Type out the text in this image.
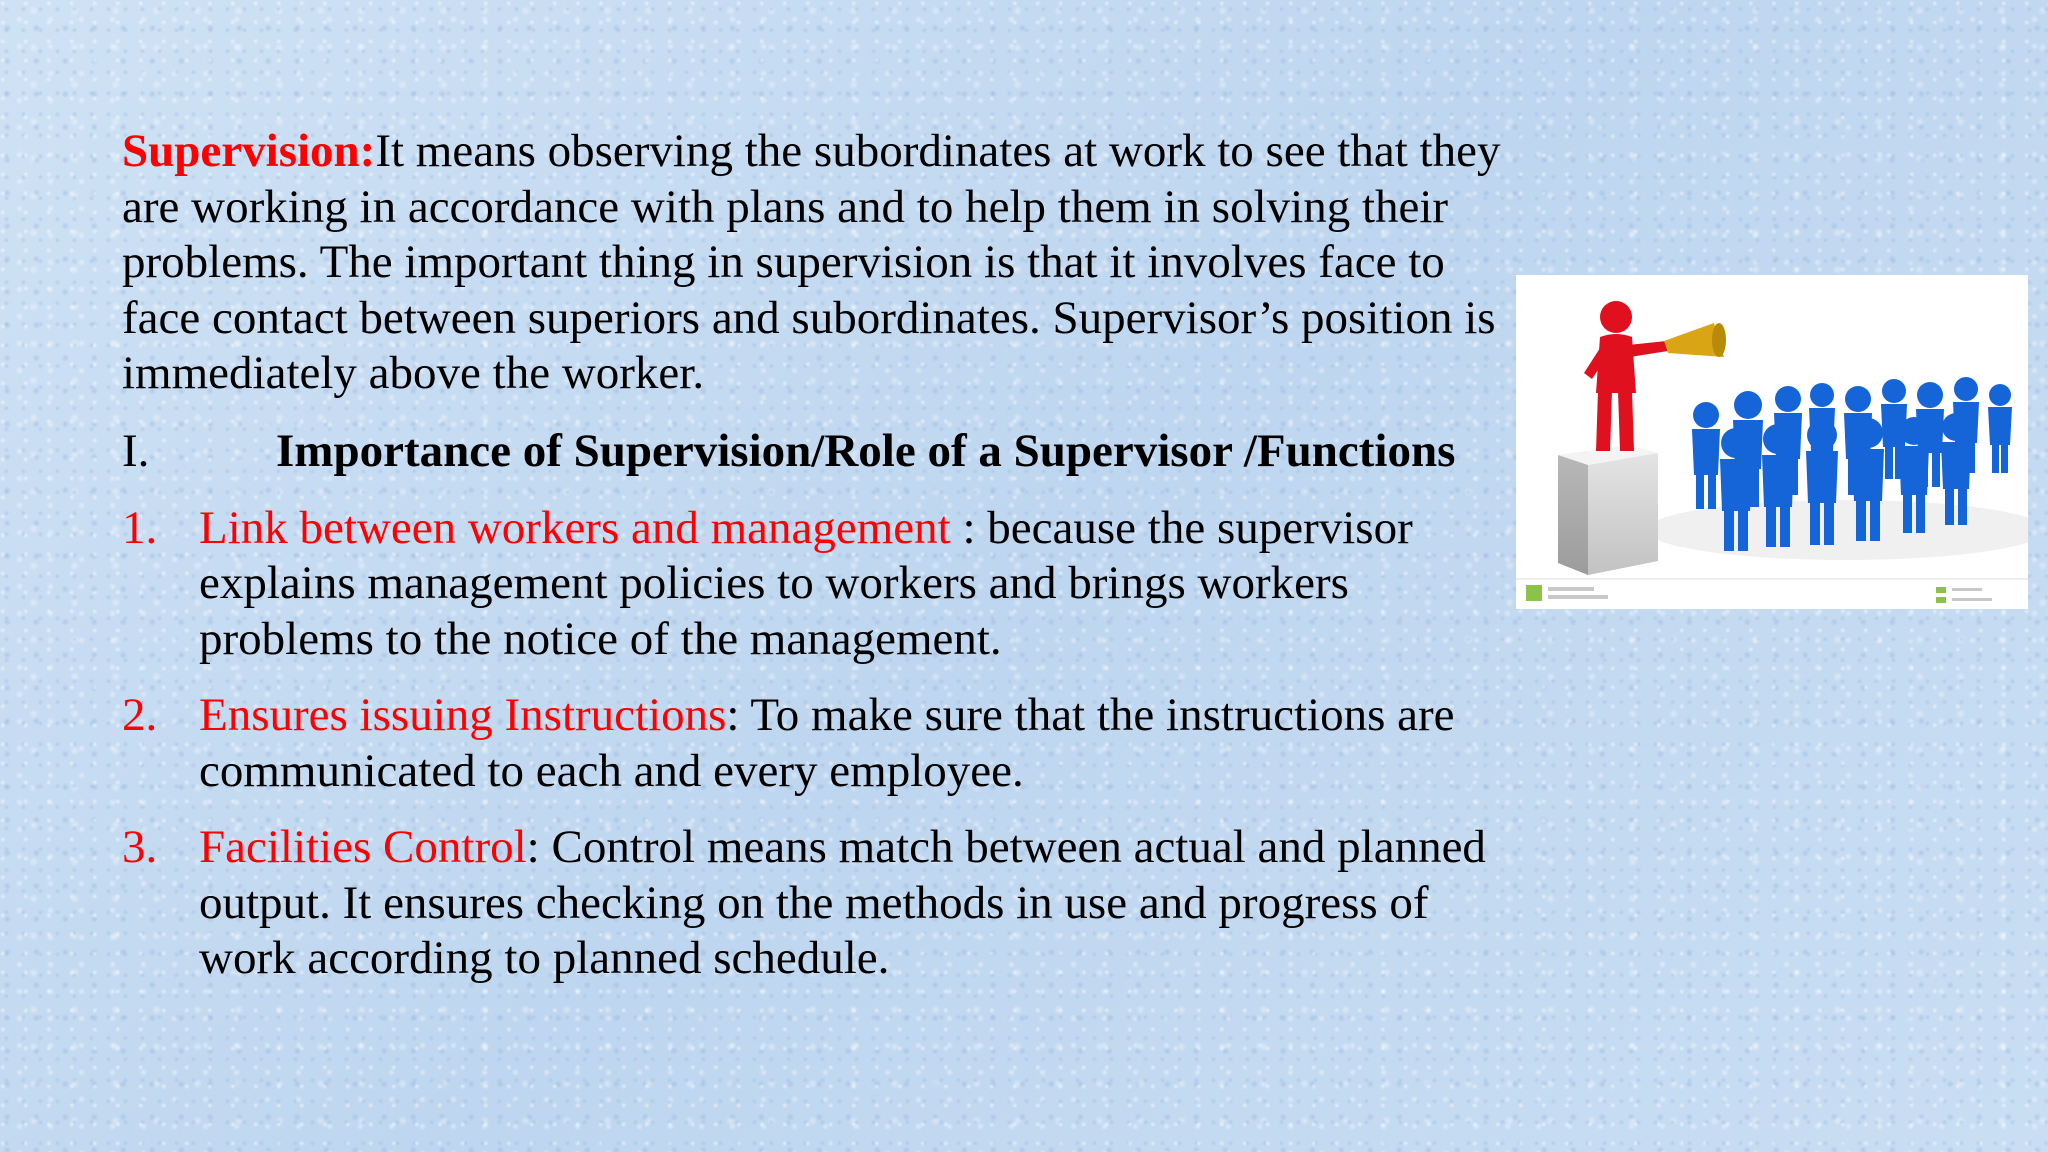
Supervision:It means observing the subordinates at work to see that they are working in accordance with plans and to help them in solving their problems. The important thing in supervision is that it involves face to face contact between superiors and subordinates. Supervisor’s position is immediately above the worker.

I.	Importance of Supervision/Role of a Supervisor /Functions

1. Link between workers and management : because the supervisor explains management policies to workers and brings workers problems to the notice of the management.
2. Ensures issuing Instructions: To make sure that the instructions are communicated to each and every employee.
3. Facilities Control: Control means match between actual and planned output. It ensures checking on the methods in use and progress of work according to planned schedule.
